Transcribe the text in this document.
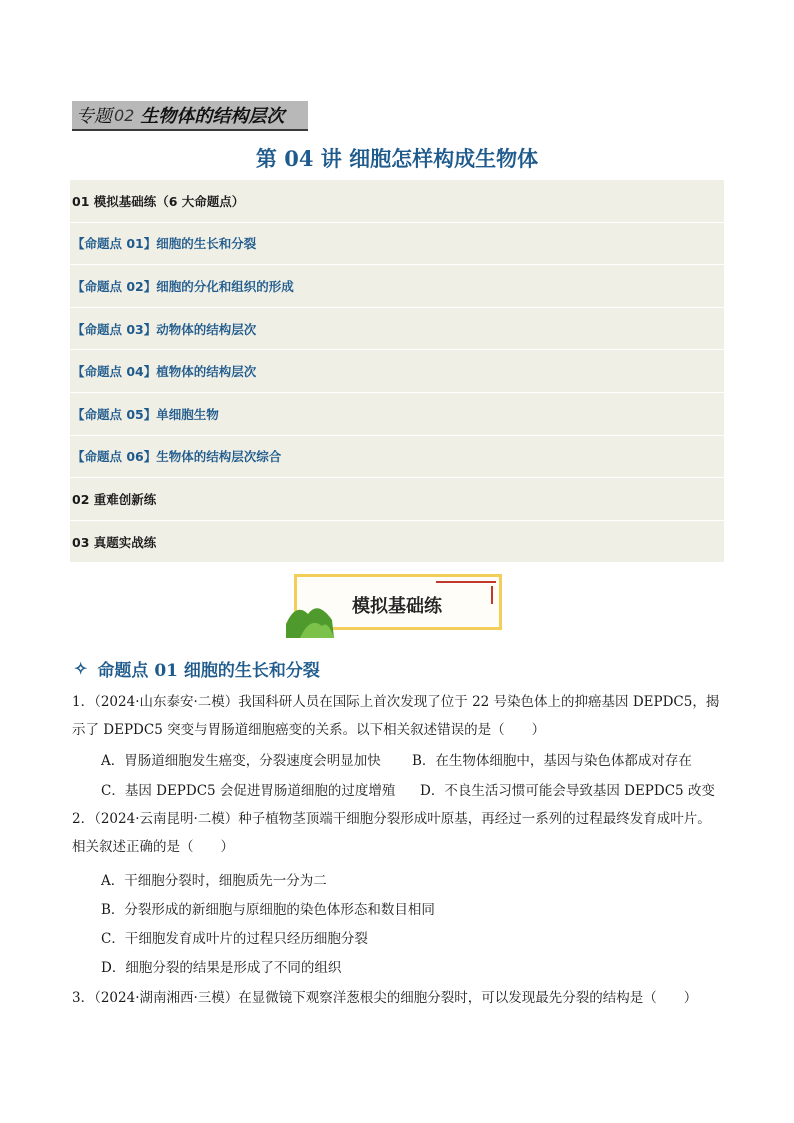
专题 02 生物体的结构层次
第 04 讲 细胞怎样构成生物体
01 模拟基础练（6 大命题点）
【命题点 01】细胞的生长和分裂
【命题点 02】细胞的分化和组织的形成
【命题点 03】动物体的结构层次
【命题点 04】植物体的结构层次
【命题点 05】单细胞生物
【命题点 06】生物体的结构层次综合
02 重难创新练
03 真题实战练
模拟基础练
✧ 命题点 01 细胞的生长和分裂
1．（2024·山东泰安·二模）我国科研人员在国际上首次发现了位于 22 号染色体上的抑癌基因 DEPDC5，揭
示了 DEPDC5 突变与胃肠道细胞癌变的关系。以下相关叙述错误的是（　　）
A．胃肠道细胞发生癌变，分裂速度会明显加快 B．在生物体细胞中，基因与染色体都成对存在
C．基因 DEPDC5 会促进胃肠道细胞的过度增殖 D．不良生活习惯可能会导致基因 DEPDC5 改变
2．（2024·云南昆明·二模）种子植物茎顶端干细胞分裂形成叶原基，再经过一系列的过程最终发育成叶片。
相关叙述正确的是（　　）
A．干细胞分裂时，细胞质先一分为二
B．分裂形成的新细胞与原细胞的染色体形态和数目相同
C．干细胞发育成叶片的过程只经历细胞分裂
D．细胞分裂的结果是形成了不同的组织
3．（2024·湖南湘西·三模）在显微镜下观察洋葱根尖的细胞分裂时，可以发现最先分裂的结构是（　　）
